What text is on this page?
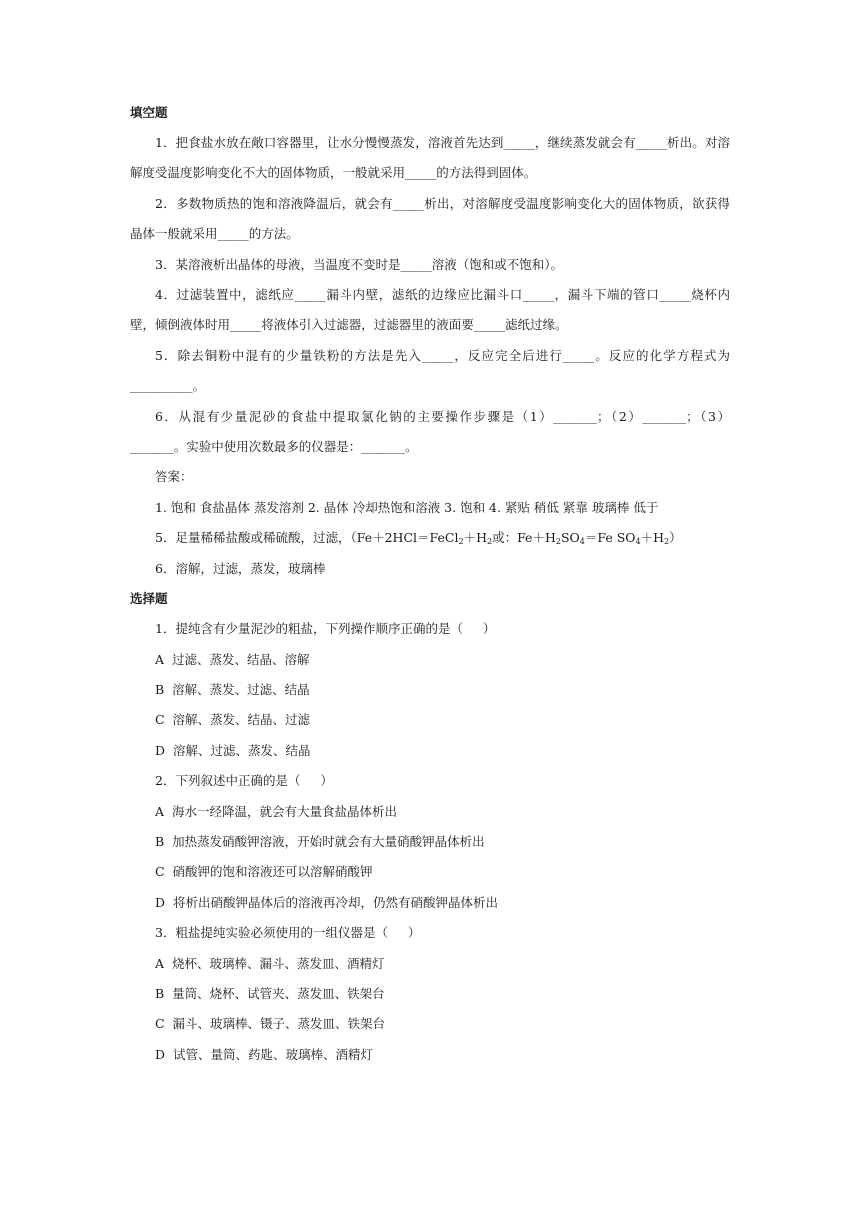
填空题

1．把食盐水放在敞口容器里，让水分慢慢蒸发，溶液首先达到_____，继续蒸发就会有_____析出。对溶解度受温度影响变化不大的固体物质，一般就采用_____的方法得到固体。

2．多数物质热的饱和溶液降温后，就会有_____析出，对溶解度受温度影响变化大的固体物质，欲获得晶体一般就采用_____的方法。

3．某溶液析出晶体的母液，当温度不变时是_____溶液（饱和或不饱和）。

4．过滤装置中，滤纸应_____漏斗内壁，滤纸的边缘应比漏斗口_____，漏斗下端的管口_____烧杯内壁，倾倒液体时用_____将液体引入过滤器，过滤器里的液面要_____滤纸过缘。

5．除去铜粉中混有的少量铁粉的方法是先入_____，反应完全后进行_____。反应的化学方程式为__________。

6．从混有少量泥砂的食盐中提取氯化钠的主要操作步骤是（1）_______；（2）_______；（3）_______。实验中使用次数最多的仪器是：_______。

答案：

1. 饱和 食盐晶体 蒸发溶剂 2. 晶体 冷却热饱和溶液 3. 饱和 4. 紧贴 稍低 紧靠 玻璃棒 低于

5．足量稀稀盐酸或稀硫酸，过滤，（$Fe+2HCl=FeCl_2+H_2$或：$Fe+H_2SO_4=Fe$ $SO_4+H_2$）
6．溶解，过滤，蒸发，玻璃棒
选择题
1．提纯含有少量泥沙的粗盐，下列操作顺序正确的是（     ）
A  过滤、蒸发、结晶、溶解
B  溶解、蒸发、过滤、结晶
C  溶解、蒸发、结晶、过滤
D  溶解、过滤、蒸发、结晶
2．下列叙述中正确的是（     ）
A  海水一经降温，就会有大量食盐晶体析出
B  加热蒸发硝酸钾溶液，开始时就会有大量硝酸钾晶体析出
C  硝酸钾的饱和溶液还可以溶解硝酸钾
D  将析出硝酸钾晶体后的溶液再冷却，仍然有硝酸钾晶体析出
3．粗盐提纯实验必须使用的一组仪器是（     ）
A  烧杯、玻璃棒、漏斗、蒸发皿、酒精灯
B  量筒、烧杯、试管夹、蒸发皿、铁架台
C  漏斗、玻璃棒、镊子、蒸发皿、铁架台
D  试管、量筒、药匙、玻璃棒、酒精灯
